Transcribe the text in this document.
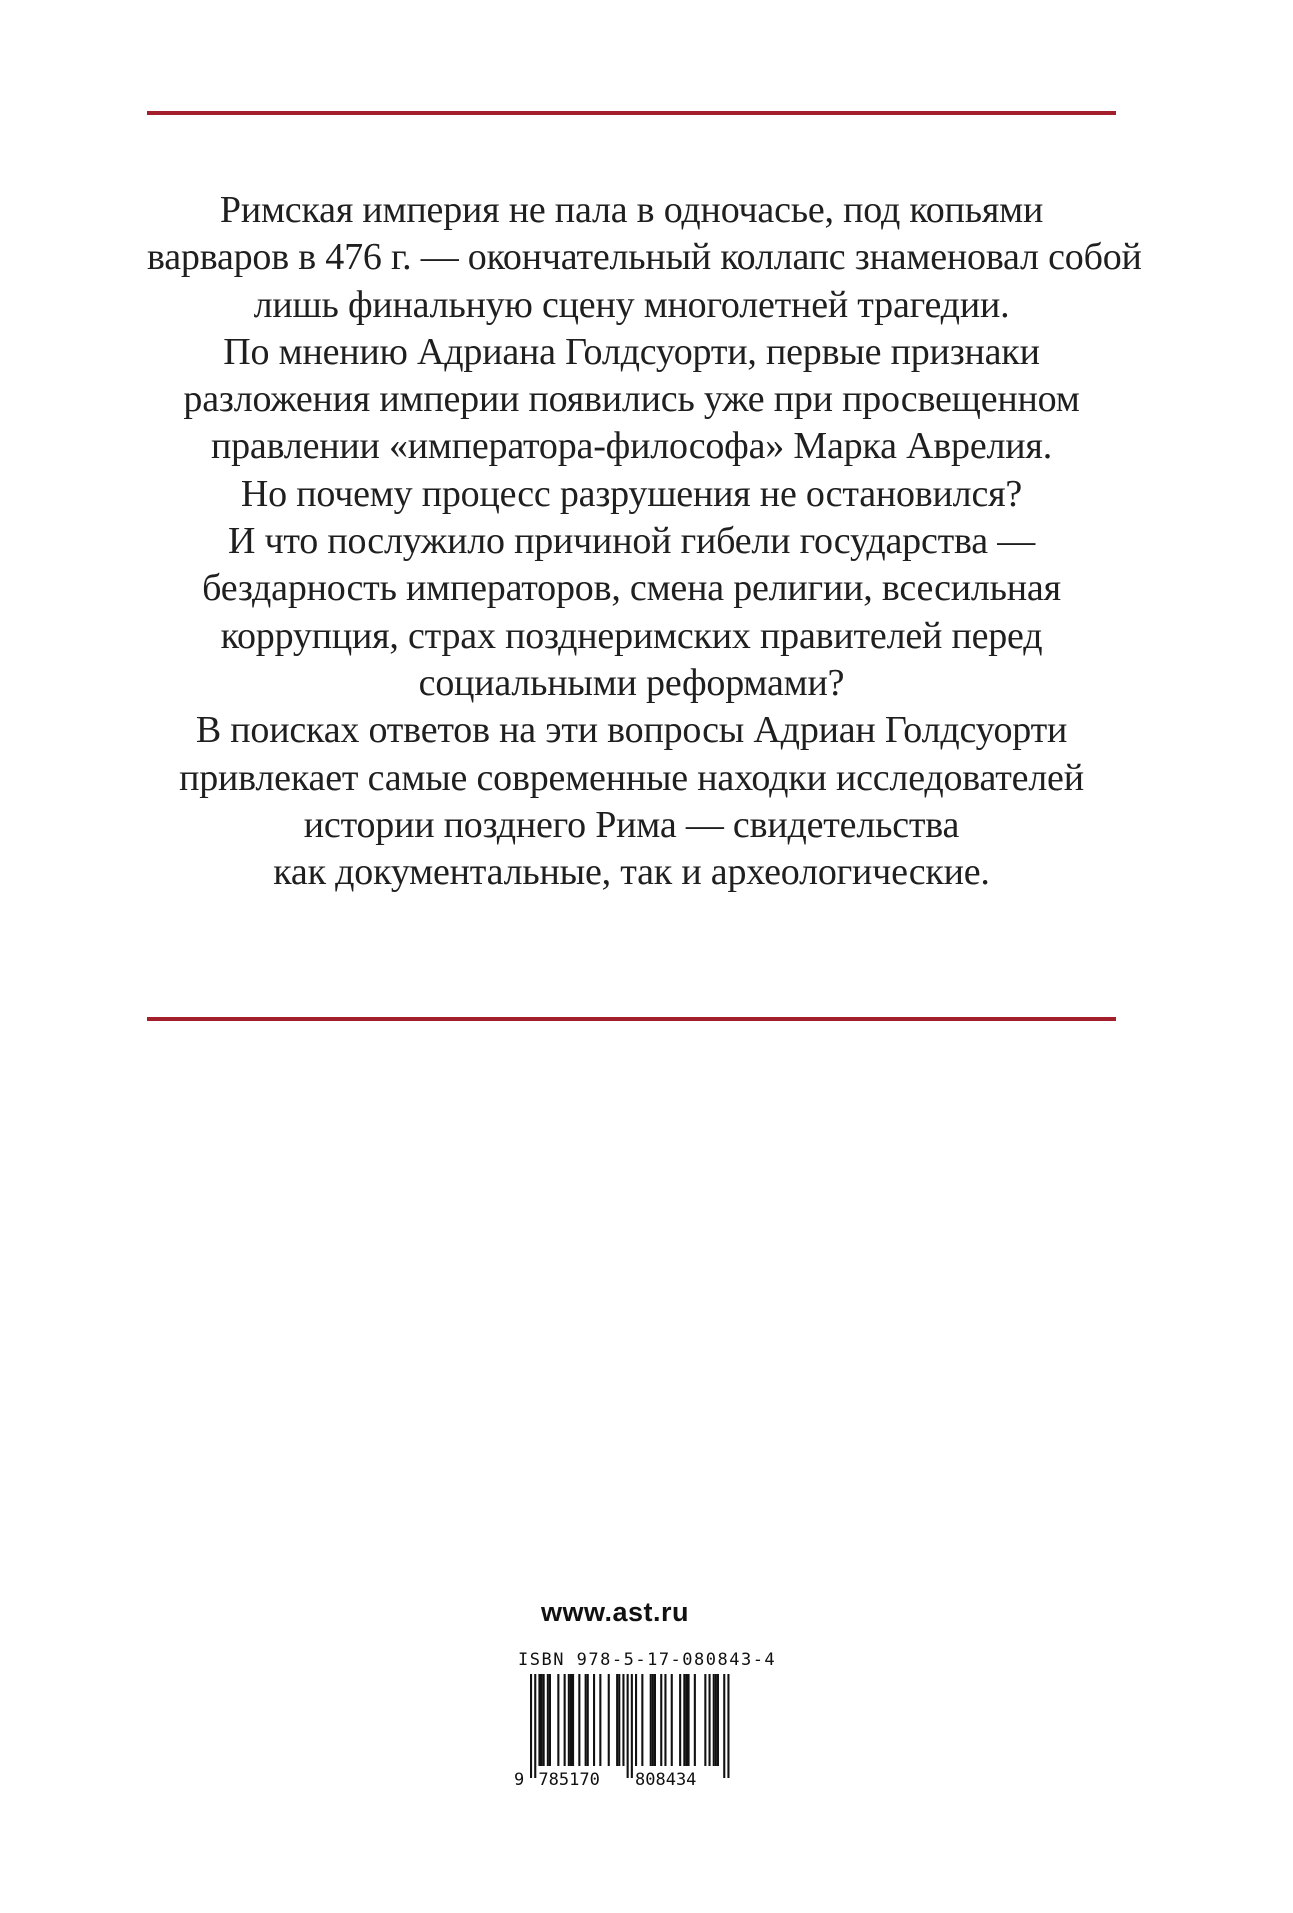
Римская империя не пала в одночасье, под копьями
варваров в 476 г. — окончательный коллапс знаменовал собой
лишь финальную сцену многолетней трагедии.
По мнению Адриана Голдсуорти, первые признаки
разложения империи появились уже при просвещенном
правлении «императора-философа» Марка Аврелия.
Но почему процесс разрушения не остановился?
И что послужило причиной гибели государства —
бездарность императоров, смена религии, всесильная
коррупция, страх позднеримских правителей перед
социальными реформами?
В поисках ответов на эти вопросы Адриан Голдсуорти
привлекает самые современные находки исследователей
истории позднего Рима — свидетельства
как документальные, так и археологические.
www.ast.ru
ISBN 978-5-17-080843-4
9 785170 808434
